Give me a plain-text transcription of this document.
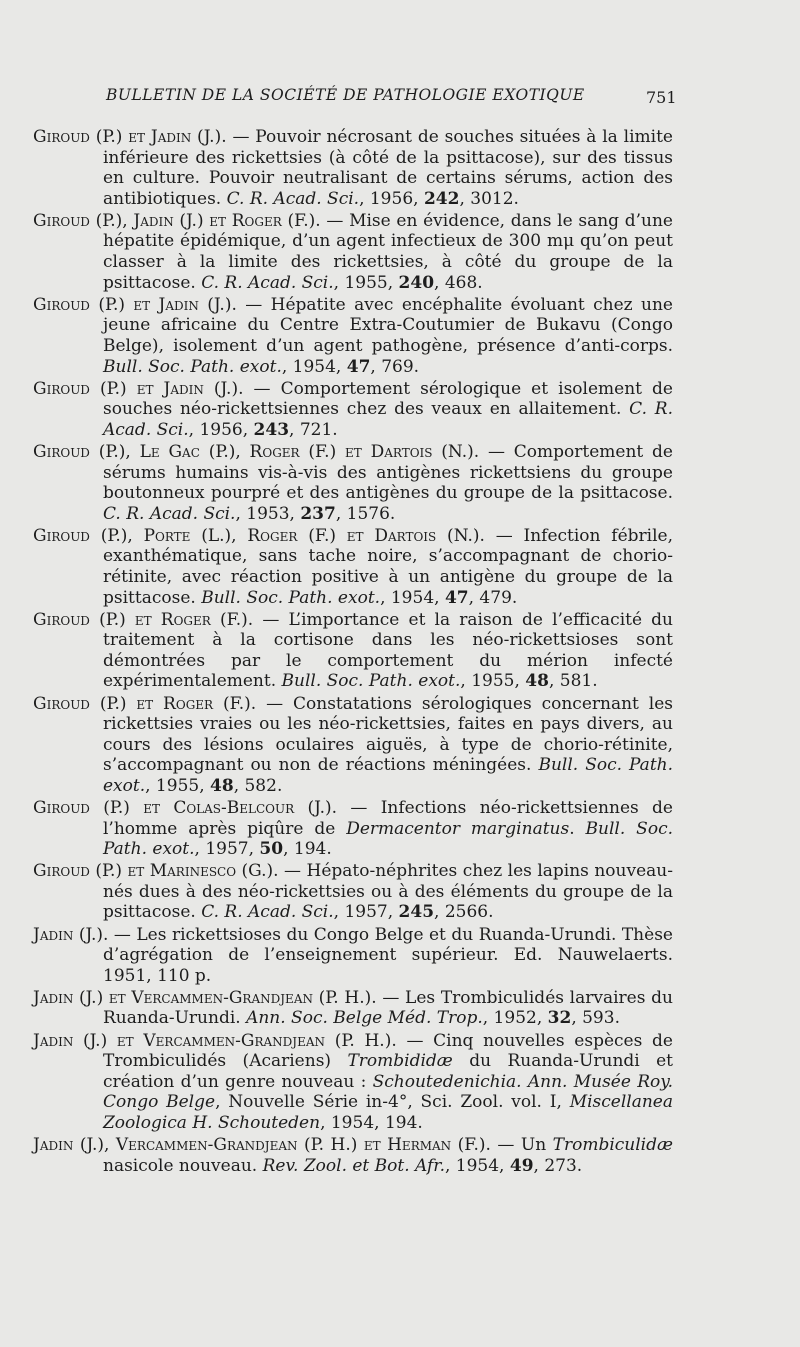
BULLETIN DE LA SOCIÉTÉ DE PATHOLOGIE EXOTIQUE	751

Giroud (P.) et Jadin (J.). — Pouvoir nécrosant de souches situées à la limite inférieure des rickettsies (à côté de la psittacose), sur des tissus en culture. Pouvoir neutralisant de certains sérums, action des antibiotiques. C. R. Acad. Sci., 1956, 242, 3012.

Giroud (P.), Jadin (J.) et Roger (F.). — Mise en évidence, dans le sang d’une hépatite épidémique, d’un agent infectieux de 300 mμ qu’on peut classer à la limite des rickettsies, à côté du groupe de la psittacose. C. R. Acad. Sci., 1955, 240, 468.

Giroud (P.) et Jadin (J.). — Hépatite avec encéphalite évoluant chez une jeune africaine du Centre Extra-Coutumier de Bukavu (Congo Belge), isolement d’un agent pathogène, présence d’anti-corps. Bull. Soc. Path. exot., 1954, 47, 769.

Giroud (P.) et Jadin (J.). — Comportement sérologique et isolement de souches néo-rickettsiennes chez des veaux en allaitement. C. R. Acad. Sci., 1956, 243, 721.

Giroud (P.), Le Gac (P.), Roger (F.) et Dartois (N.). — Comportement de sérums humains vis-à-vis des antigènes rickettsiens du groupe boutonneux pourpré et des antigènes du groupe de la psittacose. C. R. Acad. Sci., 1953, 237, 1576.

Giroud (P.), Porte (L.), Roger (F.) et Dartois (N.). — Infection fébrile, exanthématique, sans tache noire, s’accompagnant de chorio-rétinite, avec réaction positive à un antigène du groupe de la psittacose. Bull. Soc. Path. exot., 1954, 47, 479.

Giroud (P.) et Roger (F.). — L’importance et la raison de l’efficacité du traitement à la cortisone dans les néo-rickettsioses sont démontrées par le comportement du mérion infecté expérimentalement. Bull. Soc. Path. exot., 1955, 48, 581.

Giroud (P.) et Roger (F.). — Constatations sérologiques concernant les rickettsies vraies ou les néo-rickettsies, faites en pays divers, au cours des lésions oculaires aiguës, à type de chorio-rétinite, s’accompagnant ou non de réactions méningées. Bull. Soc. Path. exot., 1955, 48, 582.

Giroud (P.) et Colas-Belcour (J.). — Infections néo-rickettsiennes de l’homme après piqûre de Dermacentor marginatus. Bull. Soc. Path. exot., 1957, 50, 194.

Giroud (P.) et Marinesco (G.). — Hépato-néphrites chez les lapins nouveau-nés dues à des néo-rickettsies ou à des éléments du groupe de la psittacose. C. R. Acad. Sci., 1957, 245, 2566.

Jadin (J.). — Les rickettsioses du Congo Belge et du Ruanda-Urundi. Thèse d’agrégation de l’enseignement supérieur. Ed. Nauwelaerts. 1951, 110 p.

Jadin (J.) et Vercammen-Grandjean (P. H.). — Les Trombiculidés larvaires du Ruanda-Urundi. Ann. Soc. Belge Méd. Trop., 1952, 32, 593.

Jadin (J.) et Vercammen-Grandjean (P. H.). — Cinq nouvelles espèces de Trombiculidés (Acariens) Trombididæ du Ruanda-Urundi et création d’un genre nouveau : Schoutedenichia. Ann. Musée Roy. Congo Belge, Nouvelle Série in-4°, Sci. Zool. vol. I, Miscellanea Zoologica H. Schouteden, 1954, 194.

Jadin (J.), Vercammen-Grandjean (P. H.) et Herman (F.). — Un Trombiculidæ nasicole nouveau. Rev. Zool. et Bot. Afr., 1954, 49, 273.
